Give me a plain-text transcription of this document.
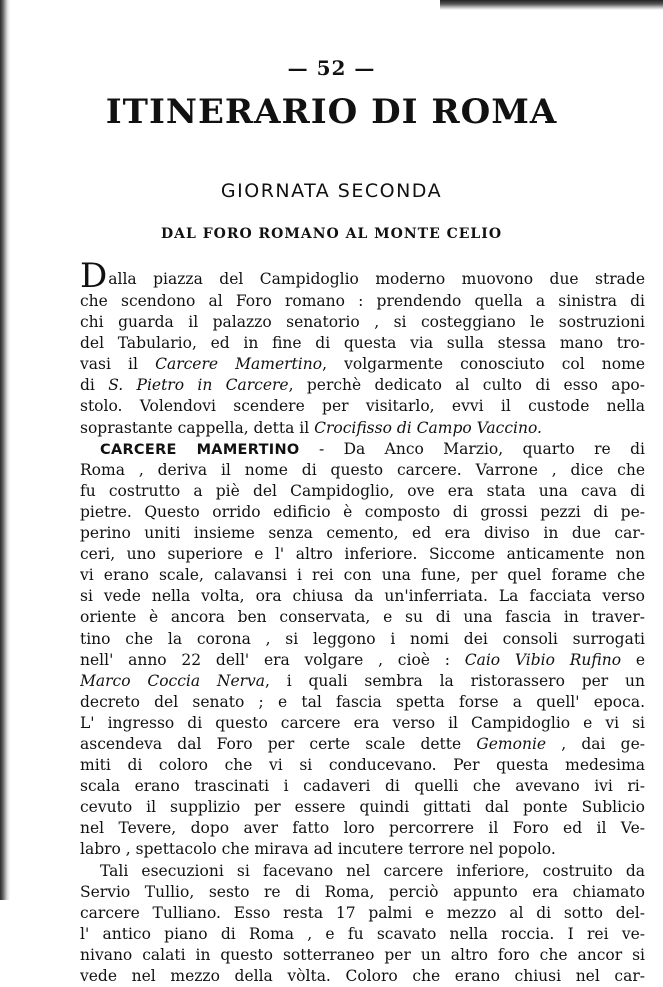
— 52 —
ITINERARIO DI ROMA
GIORNATA SECONDA
DAL FORO ROMANO AL MONTE CELIO
Dalla piazza del Campidoglio moderno muovono due strade
che scendono al Foro romano : prendendo quella a sinistra di
chi guarda il palazzo senatorio , si costeggiano le sostruzioni
del Tabulario, ed in fine di questa via sulla stessa mano tro-
vasi il Carcere Mamertino, volgarmente conosciuto col nome
di S. Pietro in Carcere, perchè dedicato al culto di esso apo-
stolo. Volendovi scendere per visitarlo, evvi il custode nella
soprastante cappella, detta il Crocifisso di Campo Vaccino.
CARCERE MAMERTINO - Da Anco Marzio, quarto re di
Roma , deriva il nome di questo carcere. Varrone , dice che
fu costrutto a piè del Campidoglio, ove era stata una cava di
pietre. Questo orrido edificio è composto di grossi pezzi di pe-
perino uniti insieme senza cemento, ed era diviso in due car-
ceri, uno superiore e l' altro inferiore. Siccome anticamente non
vi erano scale, calavansi i rei con una fune, per quel forame che
si vede nella volta, ora chiusa da un'inferriata. La facciata verso
oriente è ancora ben conservata, e su di una fascia in traver-
tino che la corona , si leggono i nomi dei consoli surrogati
nell' anno 22 dell' era volgare , cioè : Caio Vibio Rufino e
Marco Coccia Nerva, i quali sembra la ristorassero per un
decreto del senato ; e tal fascia spetta forse a quell' epoca.
L' ingresso di questo carcere era verso il Campidoglio e vi si
ascendeva dal Foro per certe scale dette Gemonie , dai ge-
miti di coloro che vi si conducevano. Per questa medesima
scala erano trascinati i cadaveri di quelli che avevano ivi ri-
cevuto il supplizio per essere quindi gittati dal ponte Sublicio
nel Tevere, dopo aver fatto loro percorrere il Foro ed il Ve-
labro , spettacolo che mirava ad incutere terrore nel popolo.
Tali esecuzioni si facevano nel carcere inferiore, costruito da
Servio Tullio, sesto re di Roma, perciò appunto era chiamato
carcere Tulliano. Esso resta 17 palmi e mezzo al di sotto del-
l' antico piano di Roma , e fu scavato nella roccia. I rei ve-
nivano calati in questo sotterraneo per un altro foro che ancor si
vede nel mezzo della vòlta. Coloro che erano chiusi nel car-
